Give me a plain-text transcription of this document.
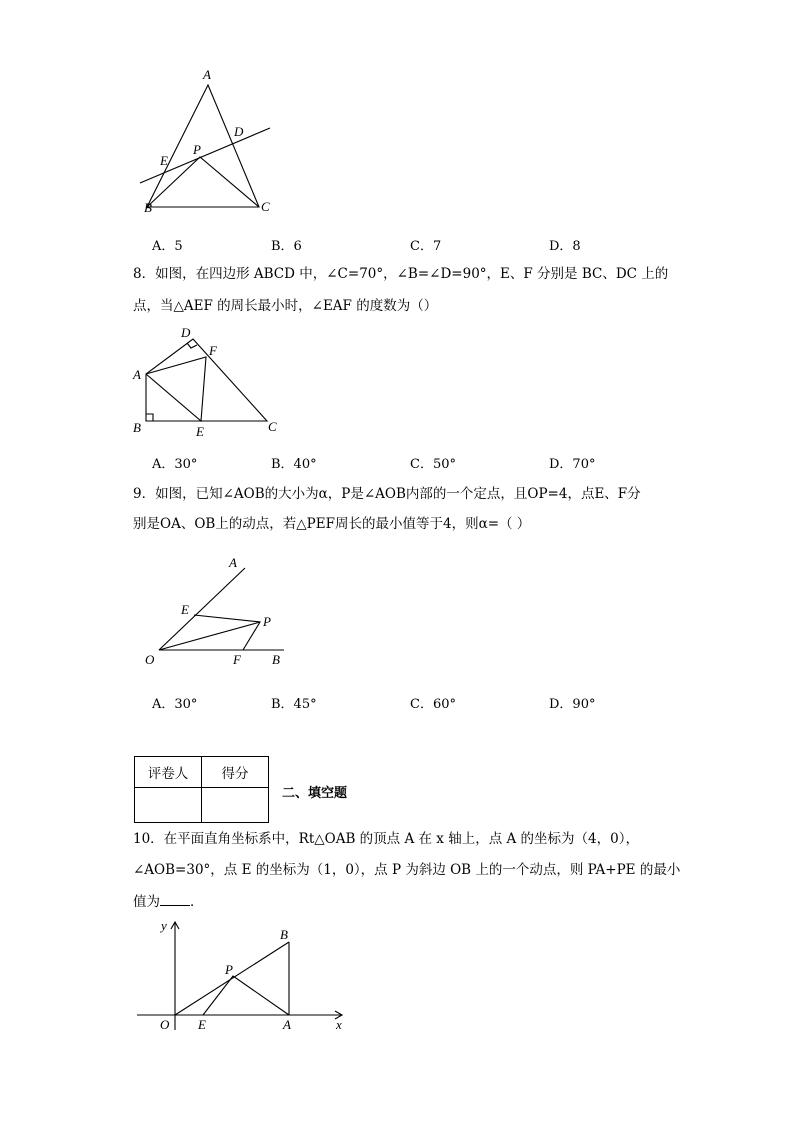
A
D
E
P
B	C
A．5	B．6	C．7	D．8
8．如图，在四边形 ABCD 中，∠C=70°，∠B=∠D=90°，E、F 分别是 BC、DC 上的
点，当△AEF 的周长最小时，∠EAF 的度数为（）
D
F
A
B	E	C
A．30°	B．40°	C．50°	D．70°
9．如图，已知∠AOB的大小为α，P是∠AOB内部的一个定点，且OP=4，点E、F分
别是OA、OB上的动点，若△PEF周长的最小值等于4，则α=（ ）
A
E
P
O	F B
A．30°	B．45°	C．60°	D．90°
评卷人	得分

二、填空题
10．在平面直角坐标系中，Rt△OAB 的顶点 A 在 x 轴上，点 A 的坐标为（4，0），
∠AOB=30°，点 E 的坐标为（1，0），点 P 为斜边 OB 上的一个动点，则 PA+PE 的最小
值为 ．
y
B
P
O E	A	x
